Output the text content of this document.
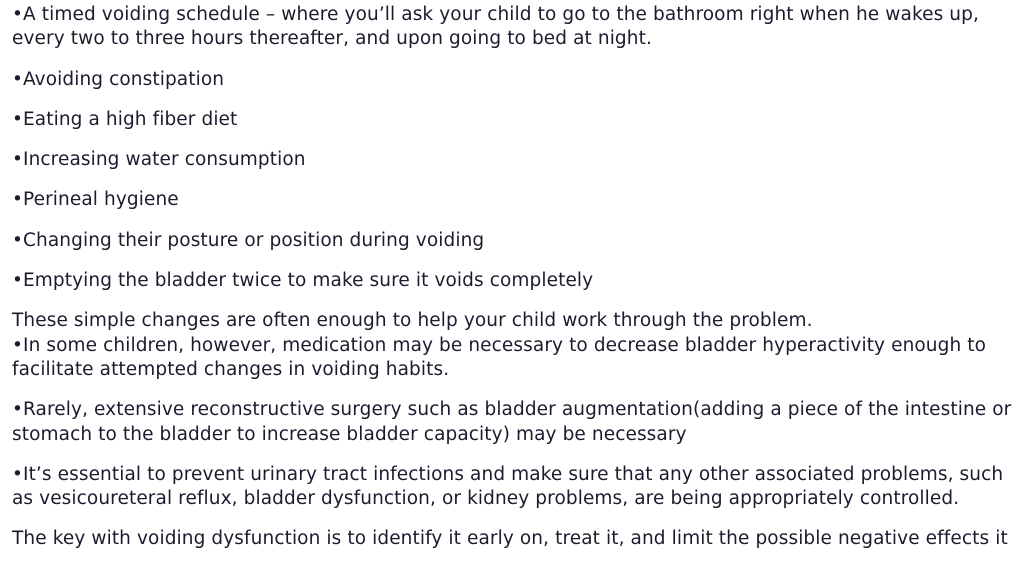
•A timed voiding schedule – where you’ll ask your child to go to the bathroom right when he wakes up, every two to three hours thereafter, and upon going to bed at night.

•Avoiding constipation

•Eating a high fiber diet

•Increasing water consumption

•Perineal hygiene

•Changing their posture or position during voiding

•Emptying the bladder twice to make sure it voids completely

These simple changes are often enough to help your child work through the problem.

•In some children, however, medication may be necessary to decrease bladder hyperactivity enough to facilitate attempted changes in voiding habits.

•Rarely, extensive reconstructive surgery such as bladder augmentation(adding a piece of the intestine or stomach to the bladder to increase bladder capacity) may be necessary

•It’s essential to prevent urinary tract infections and make sure that any other associated problems, such as vesicoureteral reflux, bladder dysfunction, or kidney problems, are being appropriately controlled.

The key with voiding dysfunction is to identify it early on, treat it, and limit the possible negative effects it
